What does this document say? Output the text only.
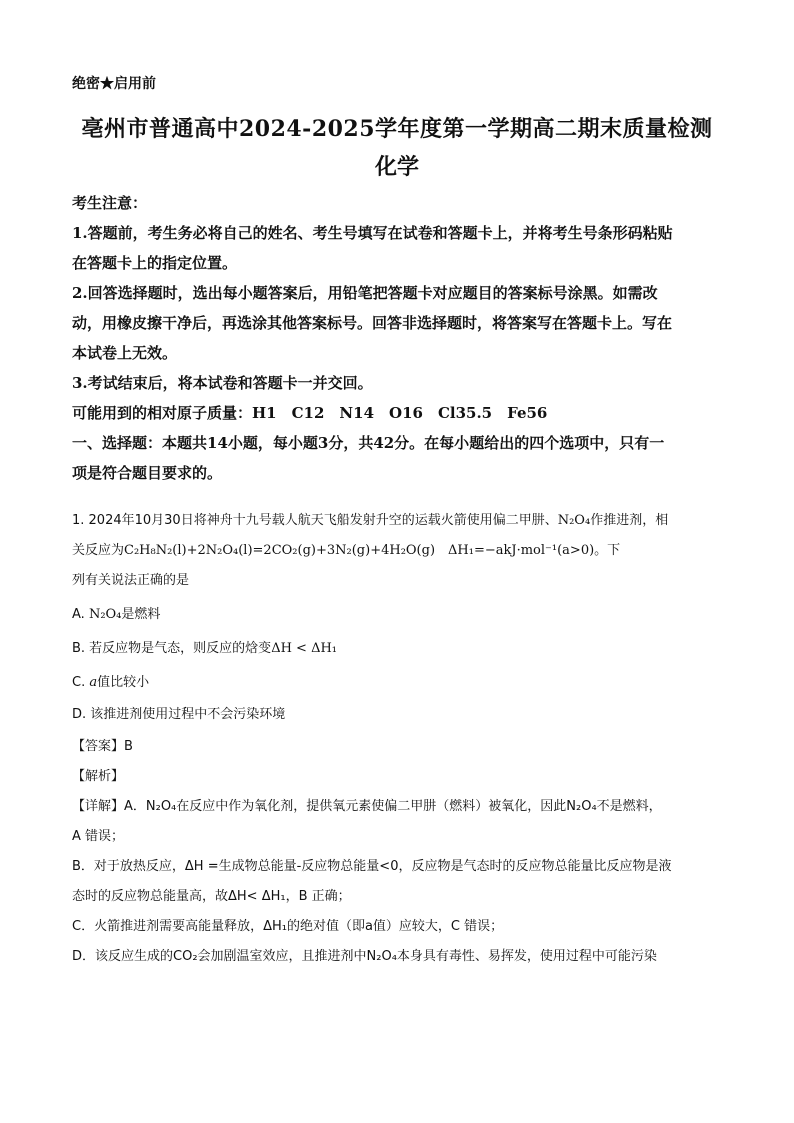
绝密★启用前
亳州市普通高中2024-2025学年度第一学期高二期末质量检测
化学

考生注意：

1.答题前，考生务必将自己的姓名、考生号填写在试卷和答题卡上，并将考生号条形码粘贴

在答题卡上的指定位置。

2.回答选择题时，选出每小题答案后，用铅笔把答题卡对应题目的答案标号涂黑。如需改

动，用橡皮擦干净后，再选涂其他答案标号。回答非选择题时，将答案写在答题卡上。写在

本试卷上无效。

3.考试结束后，将本试卷和答题卡一并交回。

可能用到的相对原子质量：H1　C12　N14　O16　Cl35.5　Fe56

一、选择题：本题共14小题，每小题3分，共42分。在每小题给出的四个选项中，只有一

项是符合题目要求的。

1. 2024年10月30日将神舟十九号载人航天飞船发射升空的运载火箭使用偏二甲肼、N₂O₄作推进剂，相

关反应为C₂H₈N₂(l)+2N₂O₄(l)=2CO₂(g)+3N₂(g)+4H₂O(g)　ΔH₁=−akJ·mol⁻¹(a>0)。下

列有关说法正确的是

A. N₂O₄是燃料

B. 若反应物是气态，则反应的焓变ΔH < ΔH₁

C. a值比较小

D. 该推进剂使用过程中不会污染环境

【答案】B

【解析】

【详解】A．N₂O₄在反应中作为氧化剂，提供氧元素使偏二甲肼（燃料）被氧化，因此N₂O₄不是燃料，

A 错误；

B．对于放热反应，ΔH =生成物总能量-反应物总能量<0，反应物是气态时的反应物总能量比反应物是液

态时的反应物总能量高，故ΔH< ΔH₁，B 正确；

C．火箭推进剂需要高能量释放，ΔH₁的绝对值（即a值）应较大，C 错误；

D．该反应生成的CO₂会加剧温室效应，且推进剂中N₂O₄本身具有毒性、易挥发，使用过程中可能污染
